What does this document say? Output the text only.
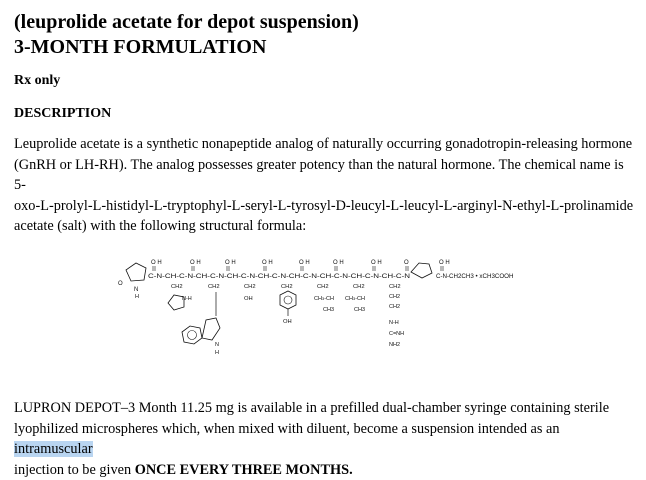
(leuprolide acetate for depot suspension)
3-MONTH FORMULATION
Rx only
DESCRIPTION
Leuprolide acetate is a synthetic nonapeptide analog of naturally occurring gonadotropin-releasing hormone
(GnRH or LH-RH). The analog possesses greater potency than the natural hormone. The chemical name is 5-
oxo-L-prolyl-L-histidyl-L-tryptophyl-L-seryl-L-tyrosyl-D-leucyl-L-leucyl-L-arginyl-N-ethyl-L-prolinamide
acetate (salt) with the following structural formula:
O
N
H
O H	O H	O H	O H	O H	O H	O H	O	O H
C-N-CH-C-N-CH-C-N-CH-C-N-CH-C-N-CH-C-N-CH-C-N-CH-C-N-CH-C-N	C-N-CH2CH3 • xCH3COOH
CH2	CH2	CH2	CH2	CH2	CH2	CH2
N-H	OH
OH
CH3-CH
CH3
CH3-CH
CH3
CH2
CH2
N-H
C=NH
NH2
N
H
LUPRON DEPOT–3 Month 11.25 mg is available in a prefilled dual-chamber syringe containing sterile
lyophilized microspheres which, when mixed with diluent, become a suspension intended as an intramuscular
injection to be given ONCE EVERY THREE MONTHS.
